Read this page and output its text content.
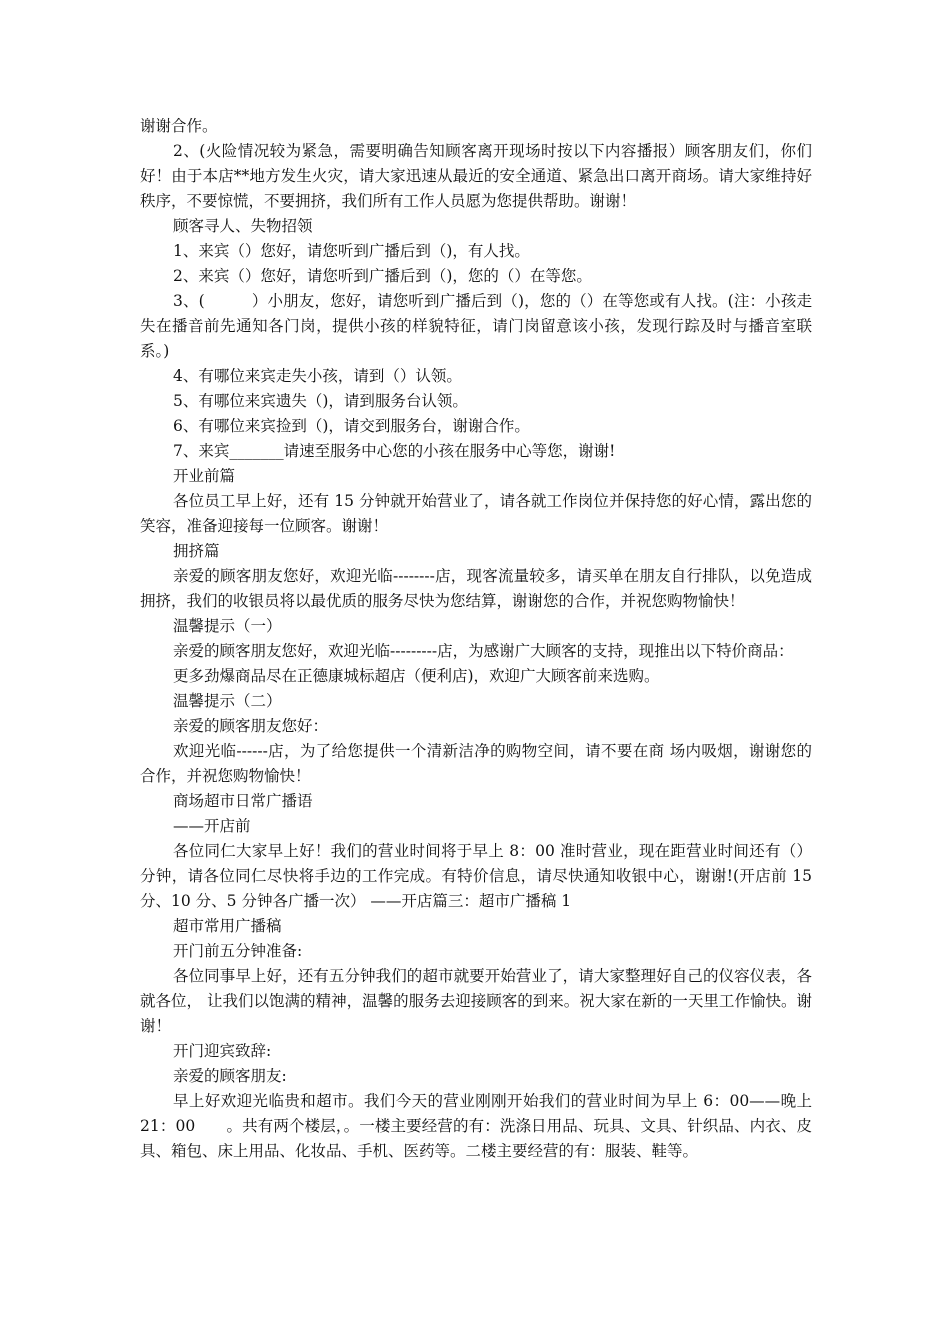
谢谢合作。

2、(火险情况较为紧急，需要明确告知顾客离开现场时按以下内容播报）顾客朋友们，你们好！由于本店**地方发生火灾，请大家迅速从最近的安全通道、紧急出口离开商场。请大家维持好秩序，不要惊慌，不要拥挤，我们所有工作人员愿为您提供帮助。谢谢！

顾客寻人、失物招领

1、来宾（）您好，请您听到广播后到（)，有人找。

2、来宾（）您好，请您听到广播后到（)，您的（）在等您。

3、(　　　）小朋友，您好，请您听到广播后到（)，您的（）在等您或有人找。(注：小孩走失在播音前先通知各门岗，提供小孩的样貌特征，请门岗留意该小孩，发现行踪及时与播音室联系。)

4、有哪位来宾走失小孩，请到（）认领。

5、有哪位来宾遗失（)，请到服务台认领。

6、有哪位来宾捡到（)，请交到服务台，谢谢合作。

7、来宾_______请速至服务中心您的小孩在服务中心等您，谢谢!

开业前篇

各位员工早上好，还有 15 分钟就开始营业了，请各就工作岗位并保持您的好心情，露出您的笑容，准备迎接每一位顾客。谢谢！

拥挤篇

亲爱的顾客朋友您好，欢迎光临--------店，现客流量较多，请买单在朋友自行排队，以免造成拥挤，我们的收银员将以最优质的服务尽快为您结算，谢谢您的合作，并祝您购物愉快！

温馨提示（一）

亲爱的顾客朋友您好，欢迎光临---------店，为感谢广大顾客的支持，现推出以下特价商品：

更多劲爆商品尽在正德康城标超店（便利店)，欢迎广大顾客前来选购。

温馨提示（二）

亲爱的顾客朋友您好：

欢迎光临------店，为了给您提供一个清新洁净的购物空间，请不要在商 场内吸烟，谢谢您的合作，并祝您购物愉快！

商场超市日常广播语

——开店前

各位同仁大家早上好！我们的营业时间将于早上 8：00 准时营业，现在距营业时间还有（）分钟，请各位同仁尽快将手边的工作完成。有特价信息，请尽快通知收银中心，谢谢!(开店前 15 分、10 分、5 分钟各广播一次） ——开店篇三：超市广播稿 1

超市常用广播稿

开门前五分钟准备:

各位同事早上好，还有五分钟我们的超市就要开始营业了，请大家整理好自己的仪容仪表，各就各位， 让我们以饱满的精神，温馨的服务去迎接顾客的到来。祝大家在新的一天里工作愉快。谢谢！

开门迎宾致辞:

亲爱的顾客朋友:

早上好欢迎光临贵和超市。我们今天的营业刚刚开始我们的营业时间为早上 6：00——晚上 21：00　　。共有两个楼层，。一楼主要经营的有：洗涤日用品、玩具、文具、针织品、内衣、皮具、箱包、床上用品、化妆品、手机、医药等。二楼主要经营的有：服装、鞋等。
